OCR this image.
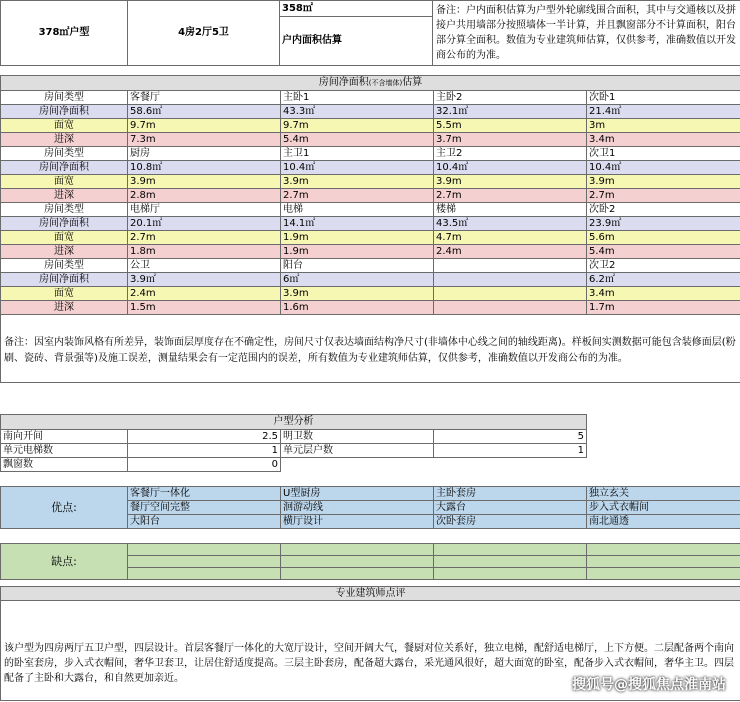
378㎡户型	4房2厅5卫	358㎡	备注：户内面积估算为户型外轮廓线围合面积，其中与交通核以及拼接户共用墙部分按照墙体一半计算，并且飘窗部分不计算面积，阳台部分算全面积。数值为专业建筑师估算，仅供参考，准确数值以开发商公布的为准。
户内面积估算
房间净面积(不含墙体)估算				
房间类型	客餐厅	主卧1	主卧2	次卧1
房间净面积	58.6㎡	43.3㎡	32.1㎡	21.4㎡
面宽	9.7m	9.7m	5.5m	3m
进深	7.3m	5.4m	3.7m	3.4m
房间类型	厨房	主卫1	主卫2	次卫1
房间净面积	10.8㎡	10.4㎡	10.4㎡	10.4㎡
面宽	3.9m	3.9m	3.9m	3.9m
进深	2.8m	2.7m	2.7m	2.7m
房间类型	电梯厅	电梯	楼梯	次卧2
房间净面积	20.1㎡	14.1㎡	43.5㎡	23.9㎡
面宽	2.7m	1.9m	4.7m	5.6m
进深	1.8m	1.9m	2.4m	5.4m
房间类型	公卫	阳台		次卫2
房间净面积	3.9㎡	6㎡		6.2㎡
面宽	2.4m	3.9m		3.4m
进深	1.5m	1.6m		1.7m
备注：因室内装饰风格有所差异，装饰面层厚度存在不确定性，房间尺寸仅表达墙面结构净尺寸(非墙体中心线之间的轴线距离)。样板间实测数据可能包含装修面层(粉刷、瓷砖、背景强等)及施工误差，测量结果会有一定范围内的误差，所有数值为专业建筑师估算，仅供参考，准确数值以开发商公布的为准。				
户型分析				
南向开间	2.5	明卫数	5	
单元电梯数	1	单元层户数	1	
飘窗数	0			
优点:	客餐厅一体化	U型厨房	主卧套房	独立玄关
	餐厅空间完整	洄游动线	大露台	步入式衣帽间
	大阳台	横厅设计	次卧套房	南北通透
缺点:				

专业建筑师点评
该户型为四房两厅五卫户型，四层设计。首层客餐厅一体化的大宽厅设计，空间开阔大气，餐厨对位关系好，独立电梯，配舒适电梯厅，上下方便。二层配备两个南向的卧室套房，步入式衣帽间，奢华卫套卫，让居住舒适度提高。三层主卧套房，配备超大露台，采光通风很好，超大面宽的卧室，配备步入式衣帽间，奢华主卫。四层配备了主卧和大露台，和自然更加亲近。	搜狐号@搜狐焦点淮南站
